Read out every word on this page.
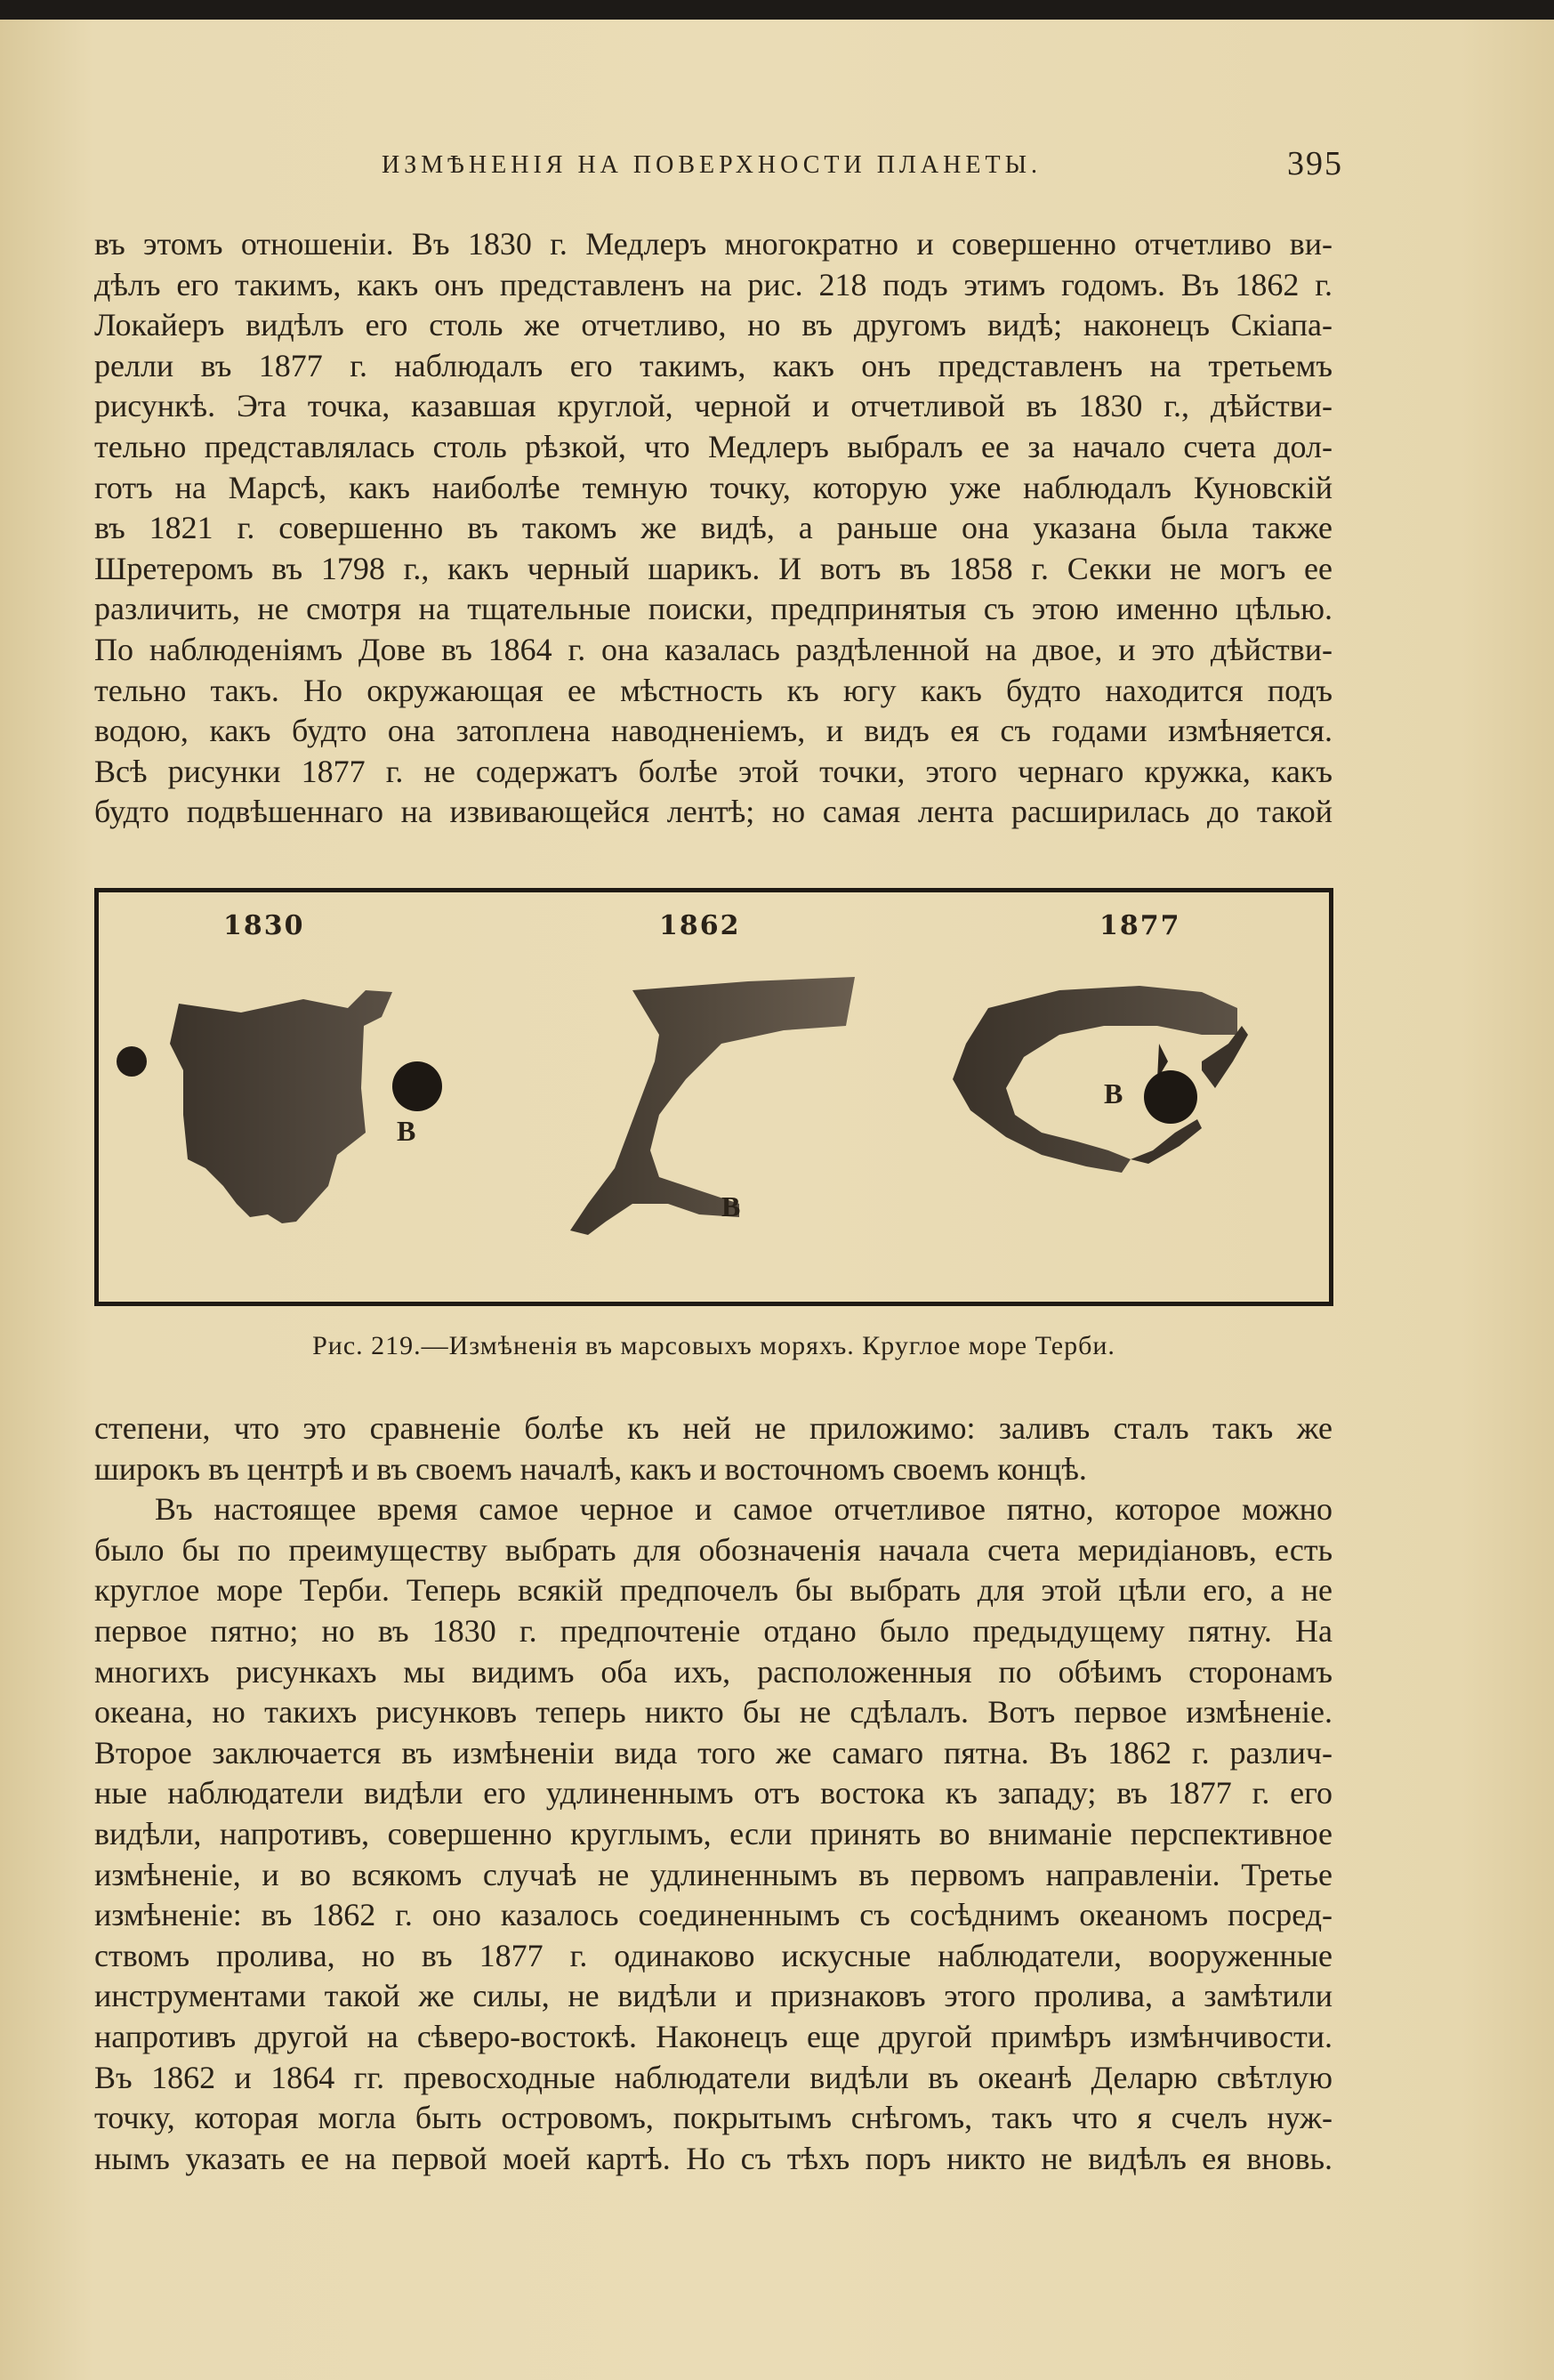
ИЗМѢНЕНІЯ НА ПОВЕРХНОСТИ ПЛАНЕТЫ.	395
въ этомъ отношеніи. Въ 1830 г. Медлеръ многократно и совершенно отчетливо ви-
дѣлъ его такимъ, какъ онъ представленъ на рис. 218 подъ этимъ годомъ. Въ 1862 г.
Локайеръ видѣлъ его столь же отчетливо, но въ другомъ видѣ; наконецъ Скіапа-
релли въ 1877 г. наблюдалъ его такимъ, какъ онъ представленъ на третьемъ
рисункѣ. Эта точка, казавшая круглой, черной и отчетливой въ 1830 г., дѣйстви-
тельно представлялась столь рѣзкой, что Медлеръ выбралъ ее за начало счета дол-
готъ на Марсѣ, какъ наиболѣе темную точку, которую уже наблюдалъ Куновскій
въ 1821 г. совершенно въ такомъ же видѣ, а раньше она указана была также
Шретеромъ въ 1798 г., какъ черный шарикъ. И вотъ въ 1858 г. Секки не могъ ее
различить, не смотря на тщательные поиски, предпринятыя съ этою именно цѣлью.
По наблюденіямъ Дове въ 1864 г. она казалась раздѣленной на двое, и это дѣйстви-
тельно такъ. Но окружающая ее мѣстность къ югу какъ будто находится подъ
водою, какъ будто она затоплена наводненіемъ, и видъ ея съ годами измѣняется.
Всѣ рисунки 1877 г. не содержатъ болѣе этой точки, этого чернаго кружка, какъ
будто подвѣшеннаго на извивающейся лентѣ; но самая лента расширилась до такой
1830	1862	1877
B
B
B
Рис. 219.—Измѣненія въ марсовыхъ моряхъ. Круглое море Терби.
степени, что это сравненіе болѣе къ ней не приложимо: заливъ сталъ такъ же
широкъ въ центрѣ и въ своемъ началѣ, какъ и восточномъ своемъ концѣ.
Въ настоящее время самое черное и самое отчетливое пятно, которое можно
было бы по преимуществу выбрать для обозначенія начала счета меридіановъ, есть
круглое море Терби. Теперь всякій предпочелъ бы выбрать для этой цѣли его, а не
первое пятно; но въ 1830 г. предпочтеніе отдано было предыдущему пятну. На
многихъ рисункахъ мы видимъ оба ихъ, расположенныя по обѣимъ сторонамъ
океана, но такихъ рисунковъ теперь никто бы не сдѣлалъ. Вотъ первое измѣненіе.
Второе заключается въ измѣненіи вида того же самаго пятна. Въ 1862 г. различ-
ные наблюдатели видѣли его удлиненнымъ отъ востока къ западу; въ 1877 г. его
видѣли, напротивъ, совершенно круглымъ, если принять во вниманіе перспективное
измѣненіе, и во всякомъ случаѣ не удлиненнымъ въ первомъ направленіи. Третье
измѣненіе: въ 1862 г. оно казалось соединеннымъ съ сосѣднимъ океаномъ посред-
ствомъ пролива, но въ 1877 г. одинаково искусные наблюдатели, вооруженные
инструментами такой же силы, не видѣли и признаковъ этого пролива, а замѣтили
напротивъ другой на сѣверо-востокѣ. Наконецъ еще другой примѣръ измѣнчивости.
Въ 1862 и 1864 гг. превосходные наблюдатели видѣли въ океанѣ Деларю свѣтлую
точку, которая могла быть островомъ, покрытымъ снѣгомъ, такъ что я счелъ нуж-
нымъ указать ее на первой моей картѣ. Но съ тѣхъ поръ никто не видѣлъ ея вновь.
